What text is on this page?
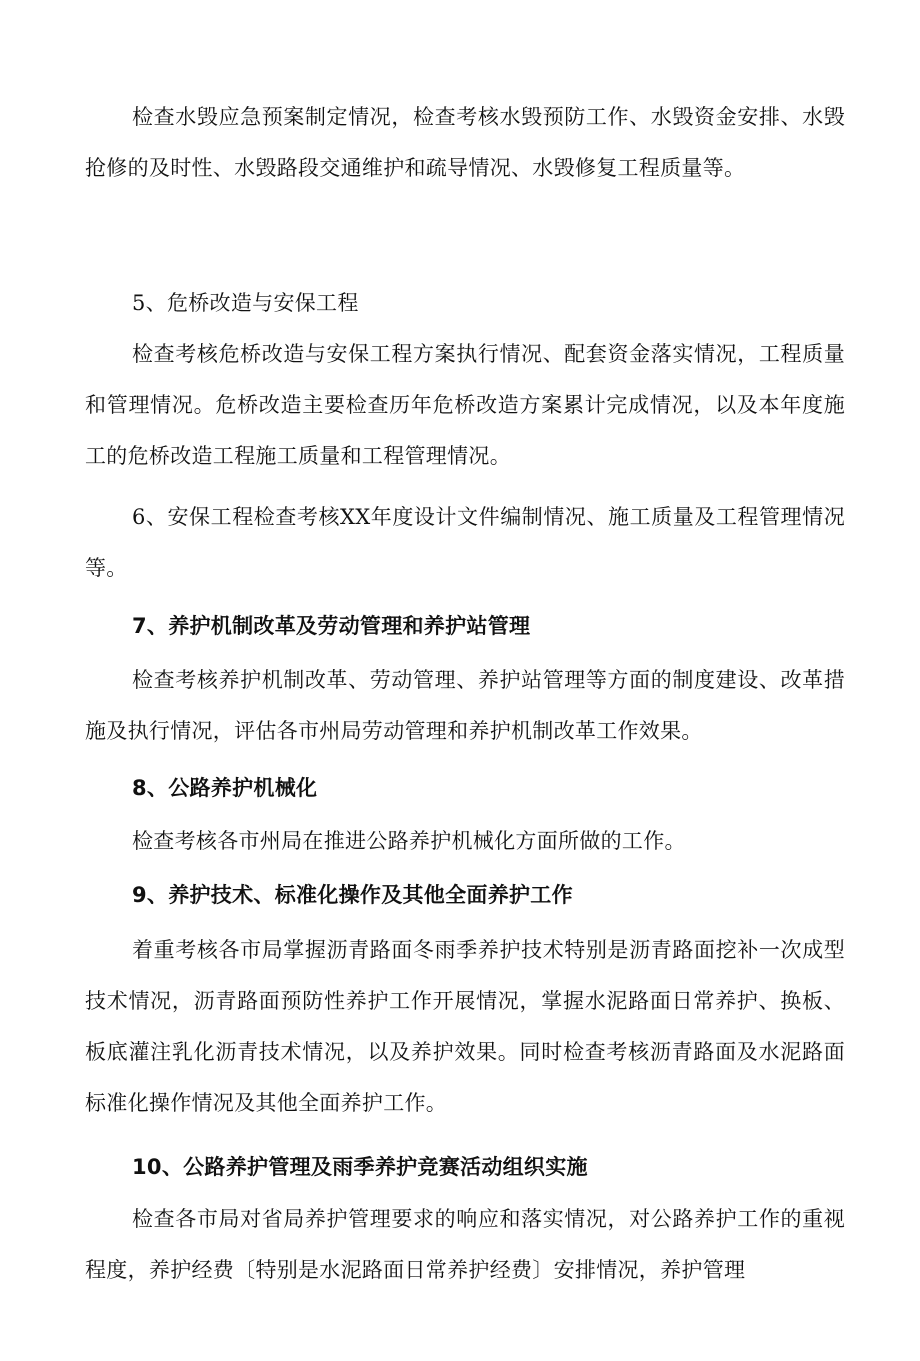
检查水毁应急预案制定情况，检查考核水毁预防工作、水毁资金安排、水毁抢修的及时性、水毁路段交通维护和疏导情况、水毁修复工程质量等。

5、危桥改造与安保工程

检查考核危桥改造与安保工程方案执行情况、配套资金落实情况，工程质量和管理情况。危桥改造主要检查历年危桥改造方案累计完成情况，以及本年度施工的危桥改造工程施工质量和工程管理情况。

6、安保工程检查考核XX年度设计文件编制情况、施工质量及工程管理情况等。

7、养护机制改革及劳动管理和养护站管理

检查考核养护机制改革、劳动管理、养护站管理等方面的制度建设、改革措施及执行情况，评估各市州局劳动管理和养护机制改革工作效果。

8、公路养护机械化

检查考核各市州局在推进公路养护机械化方面所做的工作。

9、养护技术、标准化操作及其他全面养护工作

着重考核各市局掌握沥青路面冬雨季养护技术特别是沥青路面挖补一次成型技术情况，沥青路面预防性养护工作开展情况，掌握水泥路面日常养护、换板、板底灌注乳化沥青技术情况，以及养护效果。同时检查考核沥青路面及水泥路面标准化操作情况及其他全面养护工作。

10、公路养护管理及雨季养护竞赛活动组织实施

检查各市局对省局养护管理要求的响应和落实情况，对公路养护工作的重视程度，养护经费〔特别是水泥路面日常养护经费〕安排情况，养护管理
